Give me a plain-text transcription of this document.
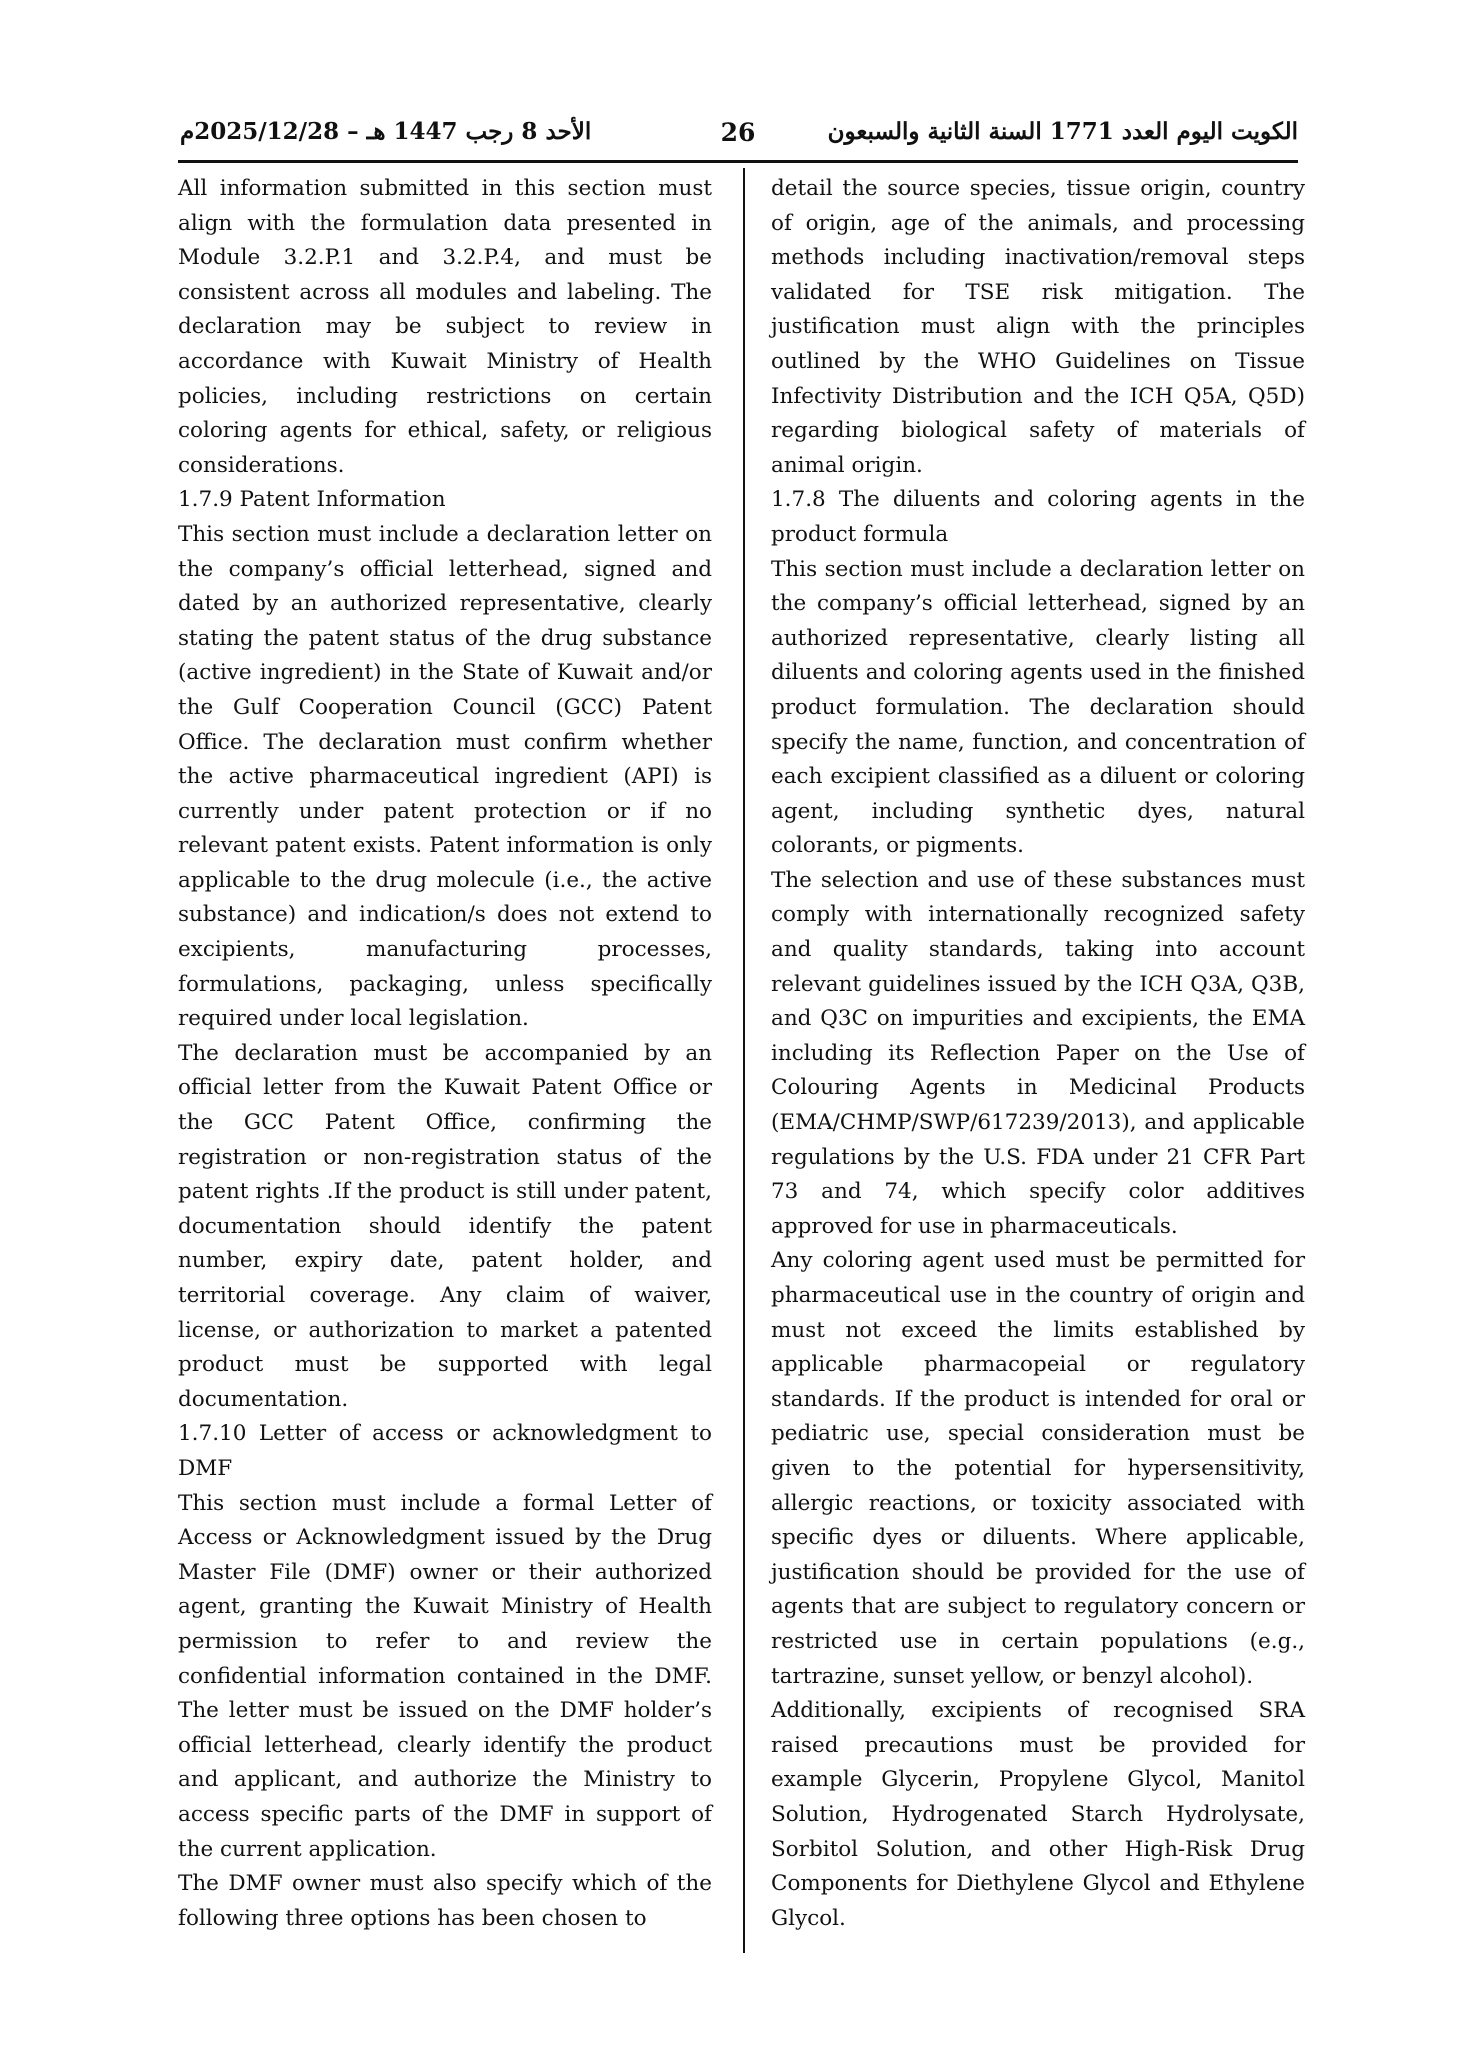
الأحد 8 رجب 1447 هـ – 2025/12/28م	26	الكويت اليوم العدد 1771 السنة الثانية والسبعون

All information submitted in this section must align with the formulation data presented in Module 3.2.P.1 and 3.2.P.4, and must be consistent across all modules and labeling. The declaration may be subject to review in accordance with Kuwait Ministry of Health policies, including restrictions on certain coloring agents for ethical, safety, or religious considerations.

1.7.9 Patent Information

This section must include a declaration letter on the company’s official letterhead, signed and dated by an authorized representative, clearly stating the patent status of the drug substance (active ingredient) in the State of Kuwait and/or the Gulf Cooperation Council (GCC) Patent Office. The declaration must confirm whether the active pharmaceutical ingredient (API) is currently under patent protection or if no relevant patent exists. Patent information is only applicable to the drug molecule (i.e., the active substance) and indication/s does not extend to excipients, manufacturing processes, formulations, packaging, unless specifically required under local legislation.

The declaration must be accompanied by an official letter from the Kuwait Patent Office or the GCC Patent Office, confirming the registration or non-registration status of the patent rights .If the product is still under patent, documentation should identify the patent number, expiry date, patent holder, and territorial coverage. Any claim of waiver, license, or authorization to market a patented product must be supported with legal documentation.

1.7.10 Letter of access or acknowledgment to DMF

This section must include a formal Letter of Access or Acknowledgment issued by the Drug Master File (DMF) owner or their authorized agent, granting the Kuwait Ministry of Health permission to refer to and review the confidential information contained in the DMF. The letter must be issued on the DMF holder’s official letterhead, clearly identify the product and applicant, and authorize the Ministry to access specific parts of the DMF in support of the current application.

The DMF owner must also specify which of the following three options has been chosen to

detail the source species, tissue origin, country of origin, age of the animals, and processing methods including inactivation/removal steps validated for TSE risk mitigation. The justification must align with the principles outlined by the WHO Guidelines on Tissue Infectivity Distribution and the ICH Q5A, Q5D) regarding biological safety of materials of animal origin.

1.7.8 The diluents and coloring agents in the product formula

This section must include a declaration letter on the company’s official letterhead, signed by an authorized representative, clearly listing all diluents and coloring agents used in the finished product formulation. The declaration should specify the name, function, and concentration of each excipient classified as a diluent or coloring agent, including synthetic dyes, natural colorants, or pigments.

The selection and use of these substances must comply with internationally recognized safety and quality standards, taking into account relevant guidelines issued by the ICH Q3A, Q3B, and Q3C on impurities and excipients, the EMA including its Reflection Paper on the Use of Colouring Agents in Medicinal Products (EMA/CHMP/SWP/617239/2013), and applicable regulations by the U.S. FDA under 21 CFR Part 73 and 74, which specify color additives approved for use in pharmaceuticals.

Any coloring agent used must be permitted for pharmaceutical use in the country of origin and must not exceed the limits established by applicable pharmacopeial or regulatory standards. If the product is intended for oral or pediatric use, special consideration must be given to the potential for hypersensitivity, allergic reactions, or toxicity associated with specific dyes or diluents. Where applicable, justification should be provided for the use of agents that are subject to regulatory concern or restricted use in certain populations (e.g., tartrazine, sunset yellow, or benzyl alcohol).

Additionally, excipients of recognised SRA raised precautions must be provided for example Glycerin, Propylene Glycol, Manitol Solution, Hydrogenated Starch Hydrolysate, Sorbitol Solution, and other High-Risk Drug Components for Diethylene Glycol and Ethylene Glycol.
